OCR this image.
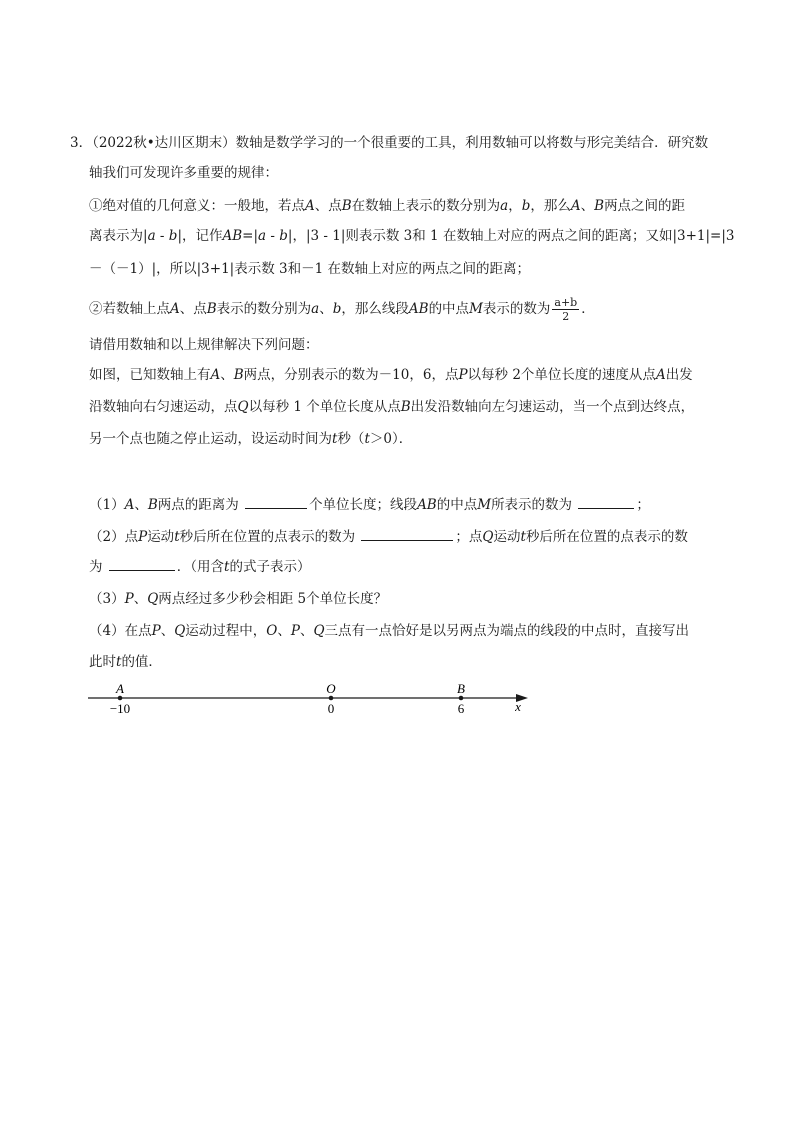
3．（2022秋•达川区期末）数轴是数学学习的一个很重要的工具，利用数轴可以将数与形完美结合．研究数
轴我们可发现许多重要的规律：
①绝对值的几何意义：一般地，若点A、点B在数轴上表示的数分别为a，b，那么A、B两点之间的距
离表示为|a - b|，记作AB=|a - b|，|3 - 1|则表示数 3和 1 在数轴上对应的两点之间的距离；又如|3+1|=|3
－（－1）|，所以|3+1|表示数 3和－1 在数轴上对应的两点之间的距离；
②若数轴上点A、点B表示的数分别为a、b，那么线段AB的中点M表示的数为 $\frac{a+b}{2}$ ．
请借用数轴和以上规律解决下列问题：
如图，已知数轴上有A、B两点，分别表示的数为－10，6，点P以每秒 2个单位长度的速度从点A出发
沿数轴向右匀速运动，点Q以每秒 1 个单位长度从点B出发沿数轴向左匀速运动，当一个点到达终点，
另一个点也随之停止运动，设运动时间为t秒（t＞0）．
（1）A、B两点的距离为	个单位长度；线段AB的中点M所表示的数为	；
（2）点P运动t秒后所在位置的点表示的数为	；点Q运动t秒后所在位置的点表示的数
为	．（用含t的式子表示）
（3）P、Q两点经过多少秒会相距 5个单位长度？
（4）在点P、Q运动过程中，O、P、Q三点有一点恰好是以另两点为端点的线段的中点时，直接写出
此时t的值．
A
−10
O
0
B
6	x
